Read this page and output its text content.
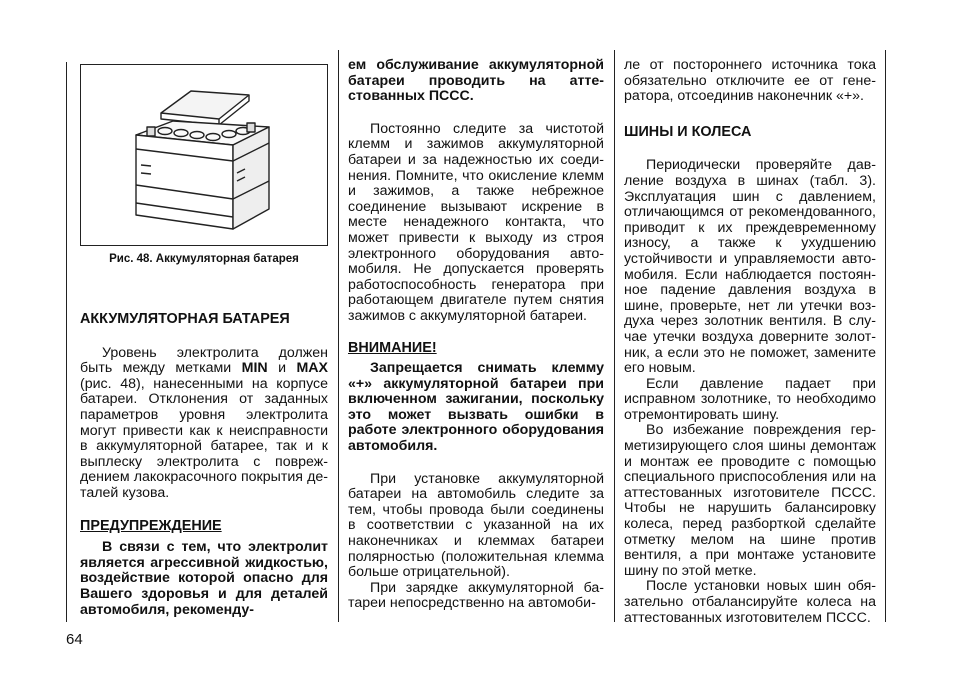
Рис. 48. Аккумуляторная батарея

АККУМУЛЯТОРНАЯ БАТАРЕЯ

Уровень электролита должен быть между метками MIN и MAX (рис. 48), нанесенными на корпусе батареи. Отклонения от заданных параметров уровня электролита могут привести как к неисправности в аккумуляторной батарее, так и к выплеску электролита с повреждением лакокрасочного покрытия деталей кузова.

ПРЕДУПРЕЖДЕНИЕ

В связи с тем, что электролит является агрессивной жидкостью, воздействие которой опасно для Вашего здоровья и для деталей автомобиля, рекоменду-

ем обслуживание аккумуляторной батареи проводить на аттестованных ПСCC.

Постоянно следите за чистотой клемм и зажимов аккумуляторной батареи и за надежностью их соединения. Помните, что окисление клемм и зажимов, а также небрежное соединение вызывают искрение в месте ненадежного контакта, что может привести к выходу из строя электронного оборудования автомобиля. Не допускается проверять работоспособность генератора при работающем двигателе путем снятия зажимов с аккумуляторной батареи.

ВНИМАНИЕ!

Запрещается снимать клемму «+» аккумуляторной батареи при включенном зажигании, поскольку это может вызвать ошибки в работе электронного оборудования автомобиля.

При установке аккумуляторной батареи на автомобиль следите за тем, чтобы провода были соединены в соответствии с указанной на их наконечниках и клеммах батареи полярностью (положительная клемма больше отрицательной).

При зарядке аккумуляторной батареи непосредственно на автомоби-

ле от постороннего источника тока обязательно отключите ее от генератора, отсоединив наконечник «+».

ШИНЫ И КОЛЕСА

Периодически проверяйте давление воздуха в шинах (табл. 3). Эксплуатация шин с давлением, отличающимся от рекомендованного, приводит к их преждевременному износу, а также к ухудшению устойчивости и управляемости автомобиля. Если наблюдается постоянное падение давления воздуха в шине, проверьте, нет ли утечки воздуха через золотник вентиля. В случае утечки воздуха доверните золотник, а если это не поможет, замените его новым.

Если давление падает при исправном золотнике, то необходимо отремонтировать шину.

Во избежание повреждения герметизирующего слоя шины демонтаж и монтаж ее проводите с помощью специального приспособления или на аттестованных изготовителе ПСCC. Чтобы не нарушить балансировку колеса, перед разборткой сделайте отметку мелом на шине против вентиля, а при монтаже установите шину по этой метке.

После установки новых шин обязательно отбалансируйте колеса на аттестованных изготовителем ПСCC.

64
